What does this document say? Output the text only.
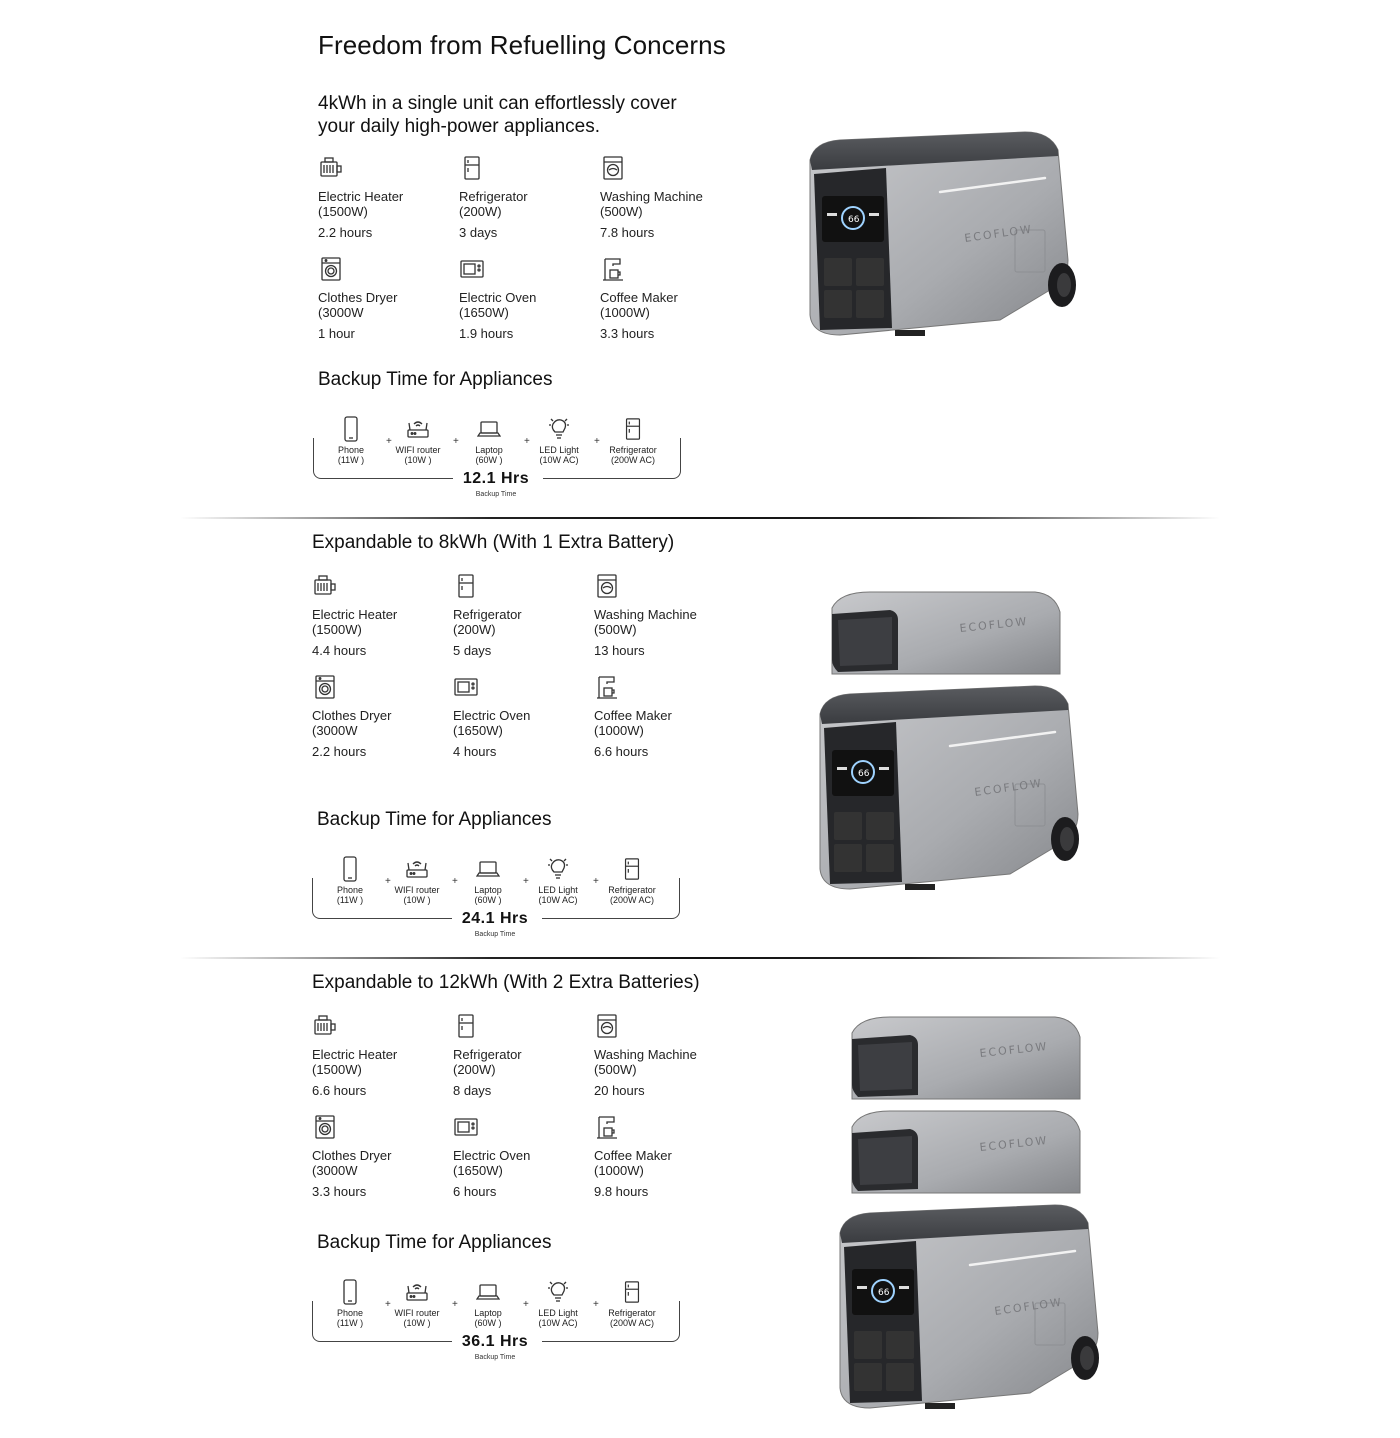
Freedom from Refuelling Concerns
4kWh in a single unit can effortlessly cover
your daily high-power appliances.
Electric Heater
(1500W)
2.2 hours
Refrigerator
(200W)
3 days
Washing Machine
(500W)
7.8 hours
Clothes Dryer
(3000W
1 hour
Electric Oven
(1650W)
1.9 hours
Coffee Maker
(1000W)
3.3 hours
Backup Time for Appliances
Phone
(11W )
+
WIFI router
(10W )
+
Laptop
(60W )
+
LED Light
(10W AC)
+
Refrigerator
(200W AC)
12.1 Hrs
Backup Time
66
ECOFLOW
Expandable to 8kWh (With 1 Extra Battery)
Electric Heater
(1500W)
4.4 hours
Refrigerator
(200W)
5 days
Washing Machine
(500W)
13 hours
Clothes Dryer
(3000W
2.2 hours
Electric Oven
(1650W)
4 hours
Coffee Maker
(1000W)
6.6 hours
Backup Time for Appliances
Phone
(11W )
+
WIFI router
(10W )
+
Laptop
(60W )
+
LED Light
(10W AC)
+
Refrigerator
(200W AC)
24.1 Hrs
Backup Time
ECOFLOW
66
ECOFLOW
Expandable to 12kWh (With 2 Extra Batteries)
Electric Heater
(1500W)
6.6 hours
Refrigerator
(200W)
8 days
Washing Machine
(500W)
20 hours
Clothes Dryer
(3000W
3.3 hours
Electric Oven
(1650W)
6 hours
Coffee Maker
(1000W)
9.8 hours
Backup Time for Appliances
Phone
(11W )
+
WIFI router
(10W )
+
Laptop
(60W )
+
LED Light
(10W AC)
+
Refrigerator
(200W AC)
36.1 Hrs
Backup Time
ECOFLOW
ECOFLOW
66
ECOFLOW
